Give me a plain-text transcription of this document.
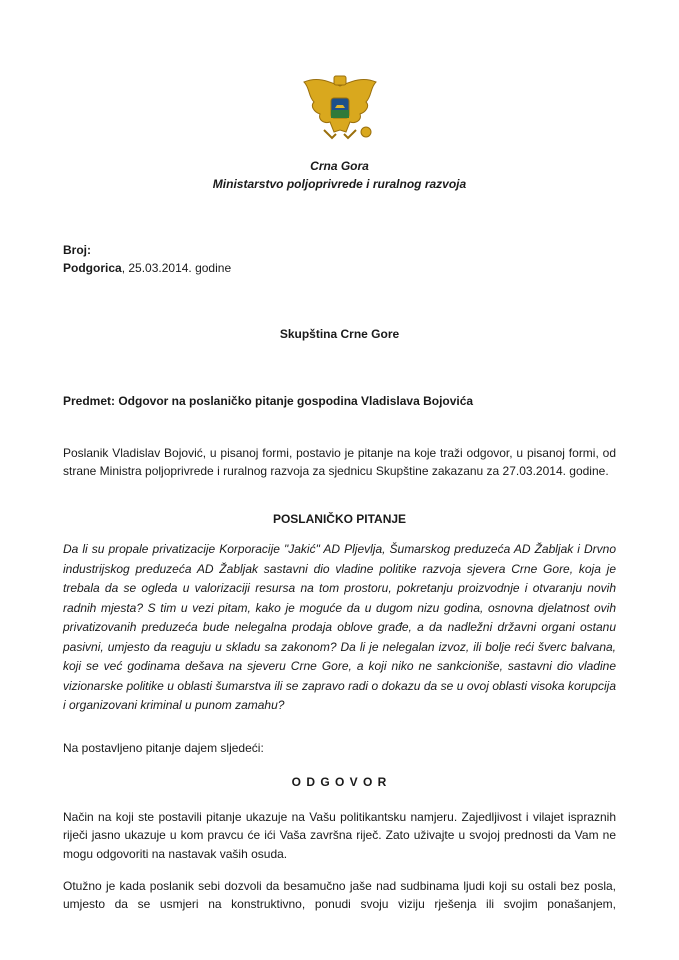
Crna Gora
Ministarstvo poljoprivrede i ruralnog razvoja
Broj:
Podgorica, 25.03.2014. godine
Skupština Crne Gore
Predmet: Odgovor na poslaničko pitanje gospodina Vladislava Bojovića
Poslanik Vladislav Bojović, u pisanoj formi, postavio je pitanje na koje traži odgovor, u pisanoj formi, od strane Ministra poljoprivrede i ruralnog razvoja za sjednicu Skupštine zakazanu za 27.03.2014. godine.
POSLANIČKO PITANJE
Da li su propale privatizacije Korporacije "Jakić" AD Pljevlja, Šumarskog preduzeća AD Žabljak i Drvno industrijskog preduzeća AD Žabljak sastavni dio vladine politike razvoja sjevera Crne Gore, koja je trebala da se ogleda u valorizaciji resursa na tom prostoru, pokretanju proizvodnje i otvaranju novih radnih mjesta? S tim u vezi pitam, kako je moguće da u dugom nizu godina, osnovna djelatnost ovih privatizovanih preduzeća bude nelegalna prodaja oblove građe, a da nadležni državni organi ostanu pasivni, umjesto da reaguju u skladu sa zakonom? Da li je nelegalan izvoz, ili bolje reći šverc balvana, koji se već godinama dešava na sjeveru Crne Gore, a koji niko ne sankcioniše, sastavni dio vladine vizionarske politike u oblasti šumarstva ili se zapravo radi o dokazu da se u ovoj oblasti visoka korupcija i organizovani kriminal u punom zamahu?
Na postavljeno pitanje dajem sljedeći:
O D G O V O R
Način na koji ste postavili pitanje ukazuje na Vašu politikantsku namjeru. Zajedljivost i vilajet ispraznih riječi jasno ukazuje u kom pravcu će ići Vaša završna riječ. Zato uživajte u svojoj prednosti da Vam ne mogu odgovoriti na nastavak vaših osuda.
Otužno je kada poslanik sebi dozvoli da besamučno jaše nad sudbinama ljudi koji su ostali bez posla, umjesto da se usmjeri na konstruktivno, ponudi svoju viziju rješenja ili svojim ponašanjem,
